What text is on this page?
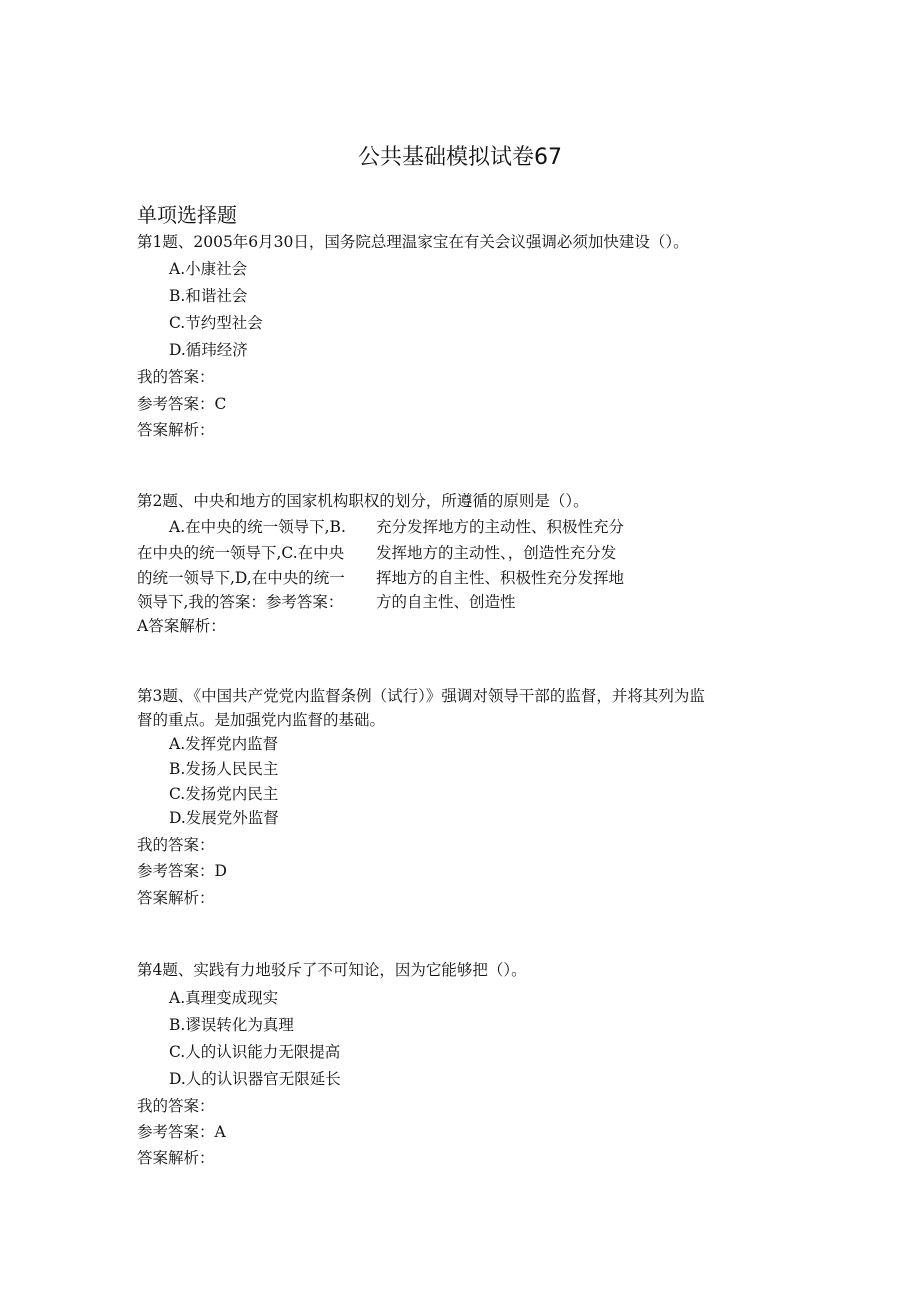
公共基础模拟试卷67
单项选择题
第1题、2005年6月30日，国务院总理温家宝在有关会议强调必须加快建设（）。
A.小康社会
B.和谐社会
C.节约型社会
D.循玮经济
我的答案：
参考答案：C
答案解析：
第2题、中央和地方的国家机构职权的划分，所遵循的原则是（）。
A.在中央的统一领导下,B.
在中央的统一领导下,C.在中央
的统一领导下,D,在中央的统一
领导下,我的答案：参考答案：
充分发挥地方的主动性、积极性充分
发挥地方的主动性、，创造性充分发
挥地方的自主性、积极性充分发挥地
方的自主性、创造性
A答案解析：
第3题、《中国共产党党内监督条例（试行）》强调对领导干部的监督，并将其列为监
督的重点。是加强党内监督的基础。
A.发挥党内监督
B.发扬人民民主
C.发扬党内民主
D.发展党外监督
我的答案：
参考答案：D
答案解析：
第4题、实践有力地驳斥了不可知论，因为它能够把（）。
A.真理变成现实
B.谬误转化为真理
C.人的认识能力无限提高
D.人的认识器官无限延长
我的答案：
参考答案：A
答案解析：
